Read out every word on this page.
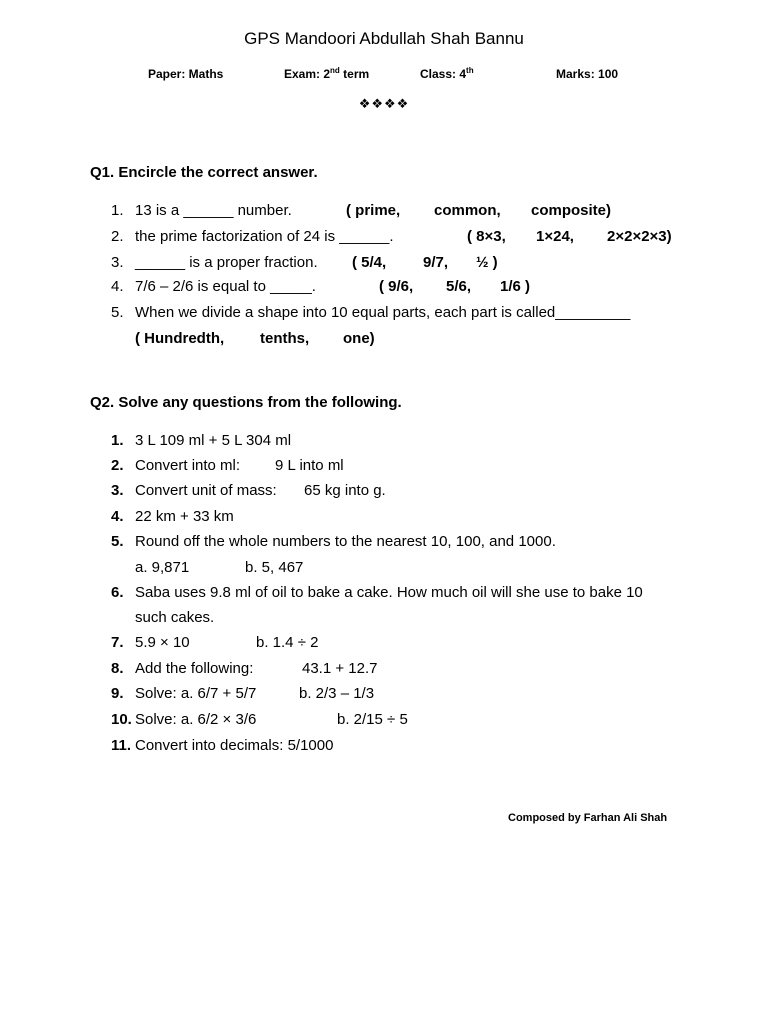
GPS Mandoori Abdullah Shah Bannu
Paper: Maths	Exam: 2nd term	Class: 4th	Marks: 100
❖❖❖❖
Q1. Encircle the correct answer.
1. 13 is a ______ number.	( prime, common, composite)
2. the prime factorization of 24 is ______.	( 8×3, 1×24, 2×2×2×3)
3. ______ is a proper fraction. ( 5/4, 9/7, ½ )
4. 7/6 – 2/6 is equal to _____.	( 9/6, 5/6, 1/6 )
5. When we divide a shape into 10 equal parts, each part is called_________
( Hundredth, tenths, one)
Q2. Solve any questions from the following.
1. 3 L 109 ml + 5 L 304 ml
2. Convert into ml: 9 L into ml
3. Convert unit of mass: 65 kg into g.
4. 22 km + 33 km
5. Round off the whole numbers to the nearest 10, 100, and 1000.
a. 9,871	b. 5, 467
6. Saba uses 9.8 ml of oil to bake a cake. How much oil will she use to bake 10
such cakes.
7. 5.9 × 10	b. 1.4 ÷ 2
8. Add the following:	43.1 + 12.7
9. Solve: a. 6/7 + 5/7	b. 2/3 – 1/3
10. Solve: a. 6/2 × 3/6	b. 2/15 ÷ 5
11. Convert into decimals: 5/1000
Composed by Farhan Ali Shah
